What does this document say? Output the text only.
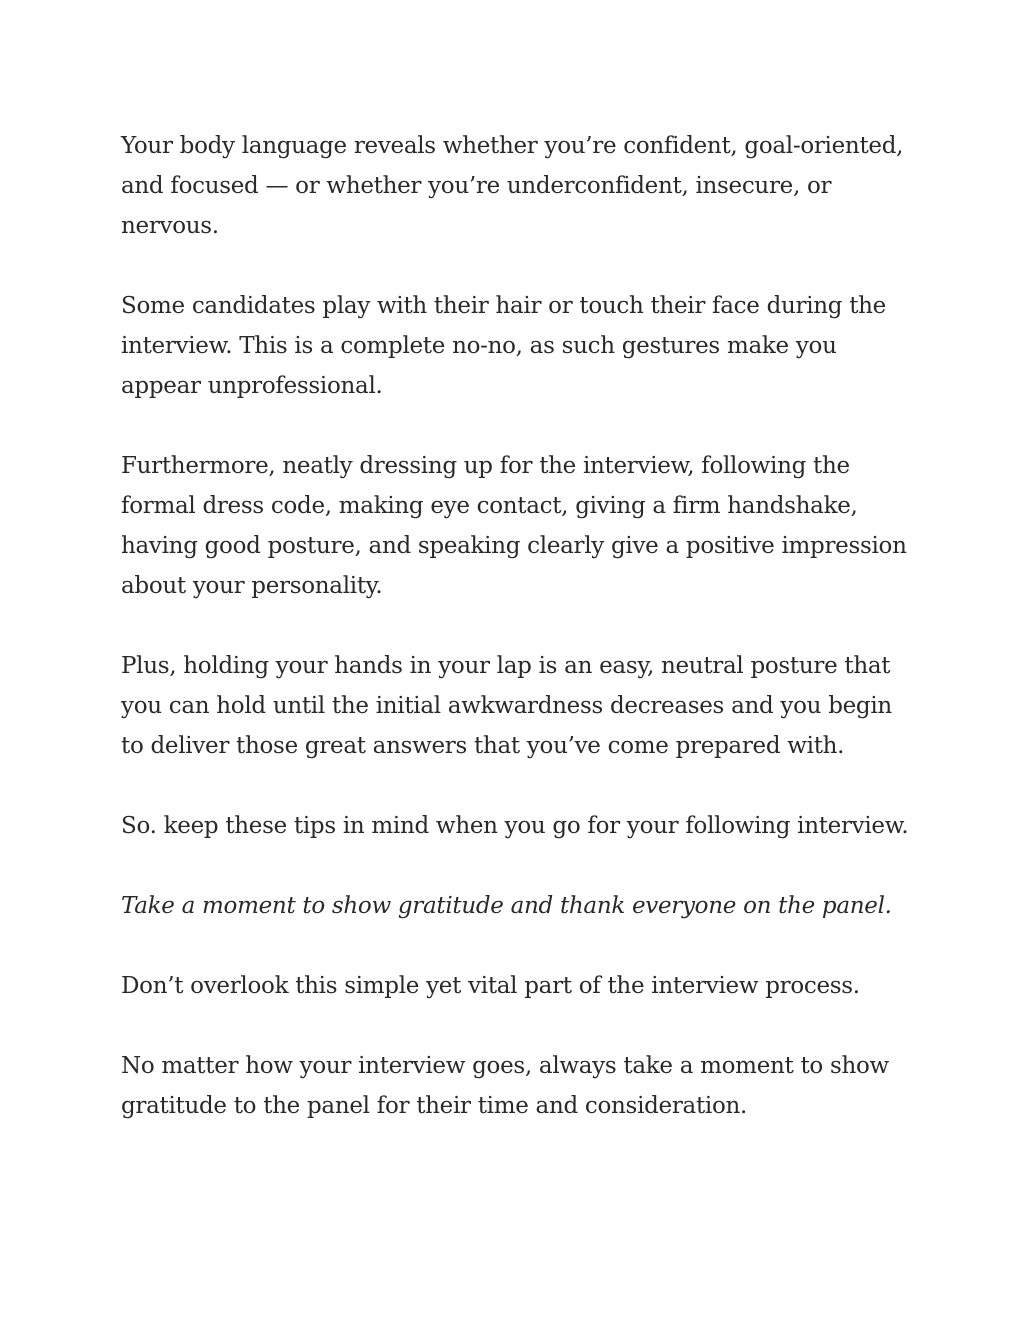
Your body language reveals whether you’re confident, goal-oriented, and focused — or whether you’re underconfident, insecure, or nervous.

Some candidates play with their hair or touch their face during the interview. This is a complete no-no, as such gestures make you appear unprofessional.

Furthermore, neatly dressing up for the interview, following the formal dress code, making eye contact, giving a firm handshake, having good posture, and speaking clearly give a positive impression about your personality.

Plus, holding your hands in your lap is an easy, neutral posture that you can hold until the initial awkwardness decreases and you begin to deliver those great answers that you’ve come prepared with.

So. keep these tips in mind when you go for your following interview.

Take a moment to show gratitude and thank everyone on the panel.

Don’t overlook this simple yet vital part of the interview process.

No matter how your interview goes, always take a moment to show gratitude to the panel for their time and consideration.
